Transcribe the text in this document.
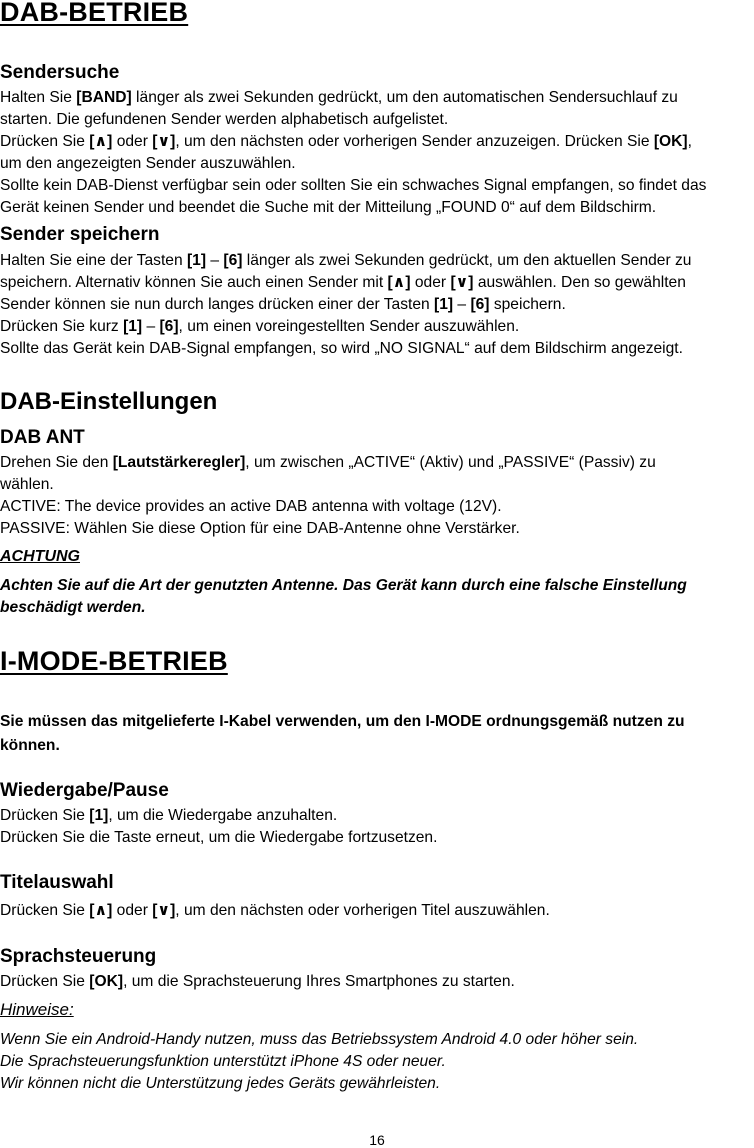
DAB-BETRIEB
Sendersuche
Halten Sie [BAND] länger als zwei Sekunden gedrückt, um den automatischen Sendersuchlauf zu
starten. Die gefundenen Sender werden alphabetisch aufgelistet.
Drücken Sie [∧] oder [∨], um den nächsten oder vorherigen Sender anzuzeigen. Drücken Sie [OK],
um den angezeigten Sender auszuwählen.
Sollte kein DAB-Dienst verfügbar sein oder sollten Sie ein schwaches Signal empfangen, so findet das
Gerät keinen Sender und beendet die Suche mit der Mitteilung „FOUND 0“ auf dem Bildschirm.
Sender speichern
Halten Sie eine der Tasten [1] – [6] länger als zwei Sekunden gedrückt, um den aktuellen Sender zu
speichern. Alternativ können Sie auch einen Sender mit [∧] oder [∨] auswählen. Den so gewählten
Sender können sie nun durch langes drücken einer der Tasten [1] – [6] speichern.
Drücken Sie kurz [1] – [6], um einen voreingestellten Sender auszuwählen.
Sollte das Gerät kein DAB-Signal empfangen, so wird „NO SIGNAL“ auf dem Bildschirm angezeigt.
DAB-Einstellungen
DAB ANT
Drehen Sie den [Lautstärkeregler], um zwischen „ACTIVE“ (Aktiv) und „PASSIVE“ (Passiv) zu
wählen.
ACTIVE: The device provides an active DAB antenna with voltage (12V).
PASSIVE: Wählen Sie diese Option für eine DAB-Antenne ohne Verstärker.
ACHTUNG
Achten Sie auf die Art der genutzten Antenne. Das Gerät kann durch eine falsche Einstellung
beschädigt werden.
I-MODE-BETRIEB
Sie müssen das mitgelieferte I-Kabel verwenden, um den I-MODE ordnungsgemäß nutzen zu
können.
Wiedergabe/Pause
Drücken Sie [1], um die Wiedergabe anzuhalten.
Drücken Sie die Taste erneut, um die Wiedergabe fortzusetzen.
Titelauswahl
Drücken Sie [∧] oder [∨], um den nächsten oder vorherigen Titel auszuwählen.
Sprachsteuerung
Drücken Sie [OK], um die Sprachsteuerung Ihres Smartphones zu starten.
Hinweise:
Wenn Sie ein Android-Handy nutzen, muss das Betriebssystem Android 4.0 oder höher sein.
Die Sprachsteuerungsfunktion unterstützt iPhone 4S oder neuer.
Wir können nicht die Unterstützung jedes Geräts gewährleisten.
16
